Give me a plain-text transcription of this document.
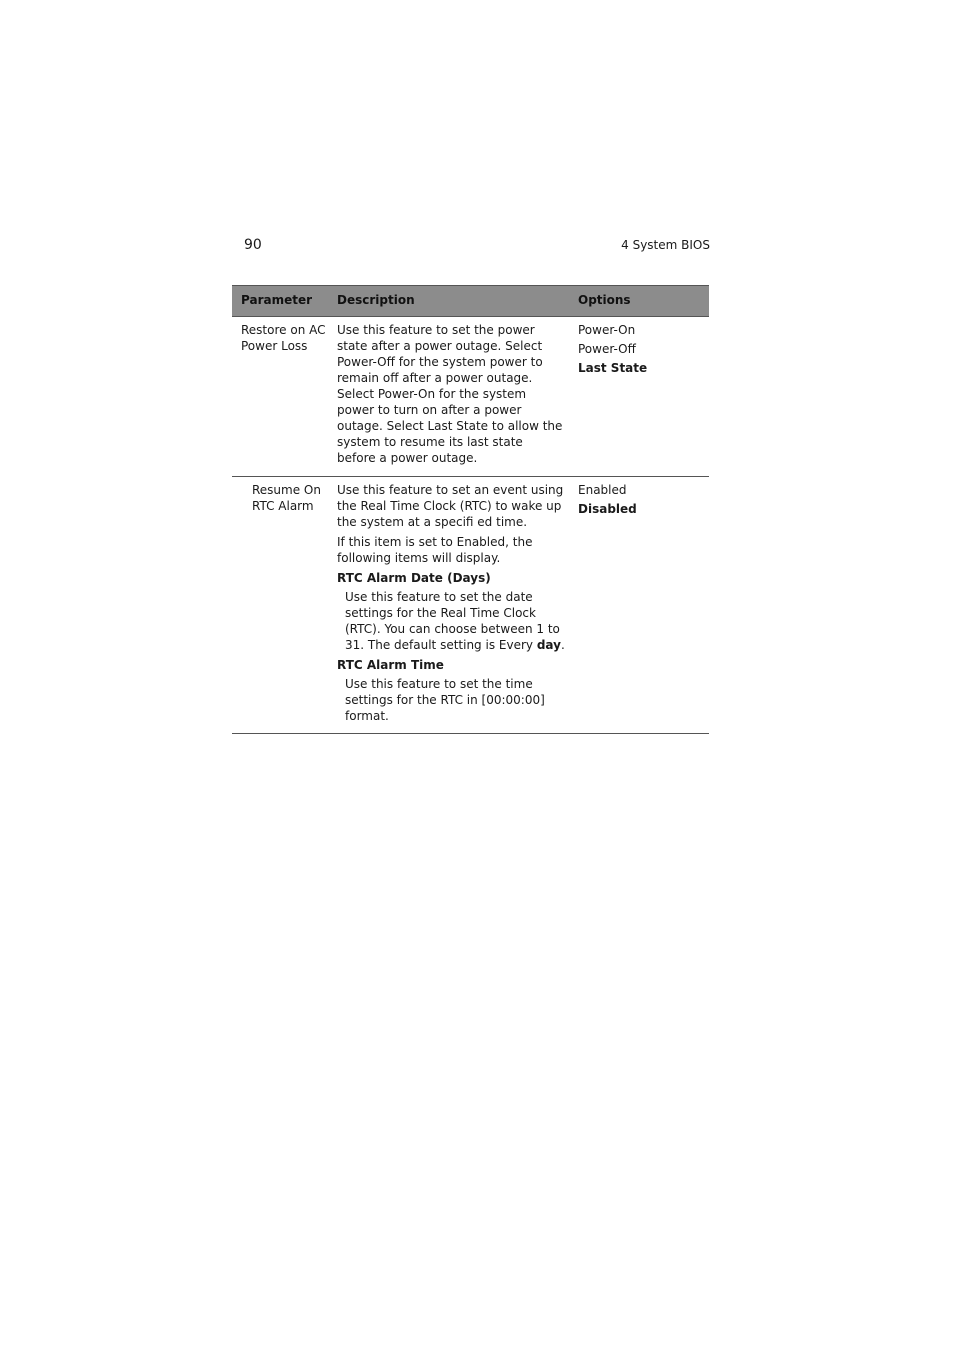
90	4 System BIOS
Parameter Description	Options
Restore on AC Power Loss

Use this feature to set the power state after a power outage. Select Power-Off for the system power to remain off after a power outage. Select Power-On for the system power to turn on after a power outage. Select Last State to allow the system to resume its last state before a power outage.

Power-On
Power-Off
Last State
Resume On RTC Alarm

Use this feature to set an event using the Real Time Clock (RTC) to wake up the system at a specifi ed time.

If this item is set to Enabled, the following items will display.

RTC Alarm Date (Days)

Use this feature to set the date settings for the Real Time Clock (RTC). You can choose between 1 to 31. The default setting is Every day.

RTC Alarm Time

Use this feature to set the time settings for the RTC in [00:00:00] format.

Enabled
Disabled
